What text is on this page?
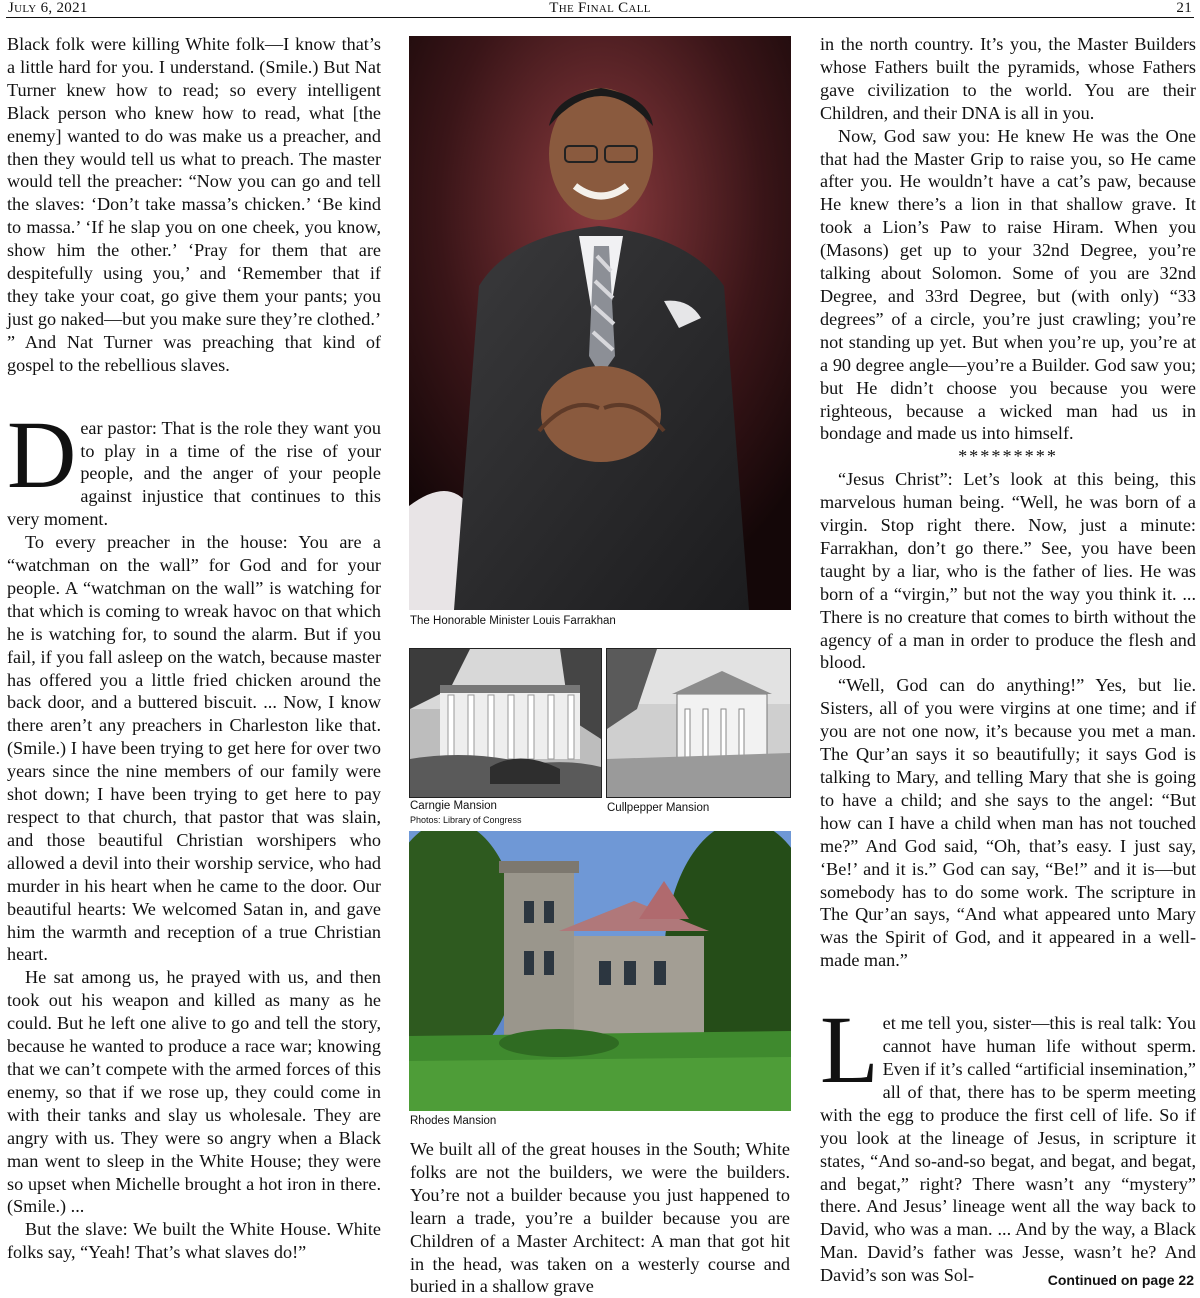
July 6, 2021	The Final Call	21

Black folk were killing White folk—I know that’s a little hard for you. I understand. (Smile.) But Nat Turner knew how to read; so every intelligent Black person who knew how to read, what [the enemy] wanted to do was make us a preacher, and then they would tell us what to preach. The master would tell the preacher: “Now you can go and tell the slaves: ‘Don’t take massa’s chicken.’ ‘Be kind to massa.’ ‘If he slap you on one cheek, you know, show him the other.’ ‘Pray for them that are despitefully using you,’ and ‘Remember that if they take your coat, go give them your pants; you just go naked—but you make sure they’re clothed.’ ” And Nat Turner was preaching that kind of gospel to the rebellious slaves.

Dear pastor: That is the role they want you to play in a time of the rise of your people, and the anger of your people against injustice that continues to this very moment.

To every preacher in the house: You are a “watchman on the wall” for God and for your people. A “watchman on the wall” is watching for that which is coming to wreak havoc on that which he is watching for, to sound the alarm. But if you fail, if you fall asleep on the watch, because master has offered you a little fried chicken around the back door, and a buttered biscuit. ... Now, I know there aren’t any preachers in Charleston like that. (Smile.) I have been trying to get here for over two years since the nine members of our family were shot down; I have been trying to get here to pay respect to that church, that pastor that was slain, and those beautiful Christian worshipers who allowed a devil into their worship service, who had murder in his heart when he came to the door. Our beautiful hearts: We welcomed Satan in, and gave him the warmth and reception of a true Christian heart.

He sat among us, he prayed with us, and then took out his weapon and killed as many as he could. But he left one alive to go and tell the story, because he wanted to produce a race war; knowing that we can’t compete with the armed forces of this enemy, so that if we rose up, they could come in with their tanks and slay us wholesale. They are angry with us. They were so angry when a Black man went to sleep in the White House; they were so upset when Michelle brought a hot iron in there. (Smile.) ...

But the slave: We built the White House. White folks say, “Yeah! That’s what slaves do!”

The Honorable Minister Louis Farrakhan
Carngie Mansion
Photos: Library of Congress
Cullpepper Mansion
Rhodes Mansion

We built all of the great houses in the South; White folks are not the builders, we were the builders. You’re not a builder because you just happened to learn a trade, you’re a builder because you are Children of a Master Architect: A man that got hit in the head, was taken on a westerly course and buried in a shallow grave

in the north country. It’s you, the Master Builders whose Fathers built the pyramids, whose Fathers gave civilization to the world. You are their Children, and their DNA is all in you.

Now, God saw you: He knew He was the One that had the Master Grip to raise you, so He came after you. He wouldn’t have a cat’s paw, because He knew there’s a lion in that shallow grave. It took a Lion’s Paw to raise Hiram. When you (Masons) get up to your 32nd Degree, you’re talking about Solomon. Some of you are 32nd Degree, and 33rd Degree, but (with only) “33 degrees” of a circle, you’re just crawling; you’re not standing up yet. But when you’re up, you’re at a 90 degree angle—you’re a Builder. God saw you; but He didn’t choose you because you were righteous, because a wicked man had us in bondage and made us into himself.

*********

“Jesus Christ”: Let’s look at this being, this marvelous human being. “Well, he was born of a virgin. Stop right there. Now, just a minute: Farrakhan, don’t go there.” See, you have been taught by a liar, who is the father of lies. He was born of a “virgin,” but not the way you think it. ... There is no creature that comes to birth without the agency of a man in order to produce the flesh and blood.

“Well, God can do anything!” Yes, but lie. Sisters, all of you were virgins at one time; and if you are not one now, it’s because you met a man. The Qur’an says it so beautifully; it says God is talking to Mary, and telling Mary that she is going to have a child; and she says to the angel: “But how can I have a child when man has not touched me?” And God said, “Oh, that’s easy. I just say, ‘Be!’ and it is.” God can say, “Be!” and it is—but somebody has to do some work. The scripture in The Qur’an says, “And what appeared unto Mary was the Spirit of God, and it appeared in a well-made man.”

Let me tell you, sister—this is real talk: You cannot have human life without sperm. Even if it’s called “artificial insemination,” all of that, there has to be sperm meeting with the egg to produce the first cell of life. So if you look at the lineage of Jesus, in scripture it states, “And so-and-so begat, and begat, and begat, and begat,” right? There wasn’t any “mystery” there. And Jesus’ lineage went all the way back to David, who was a man. ... And by the way, a Black Man. David’s father was Jesse, wasn’t he? And David’s son was Sol-	Continued on page 22
